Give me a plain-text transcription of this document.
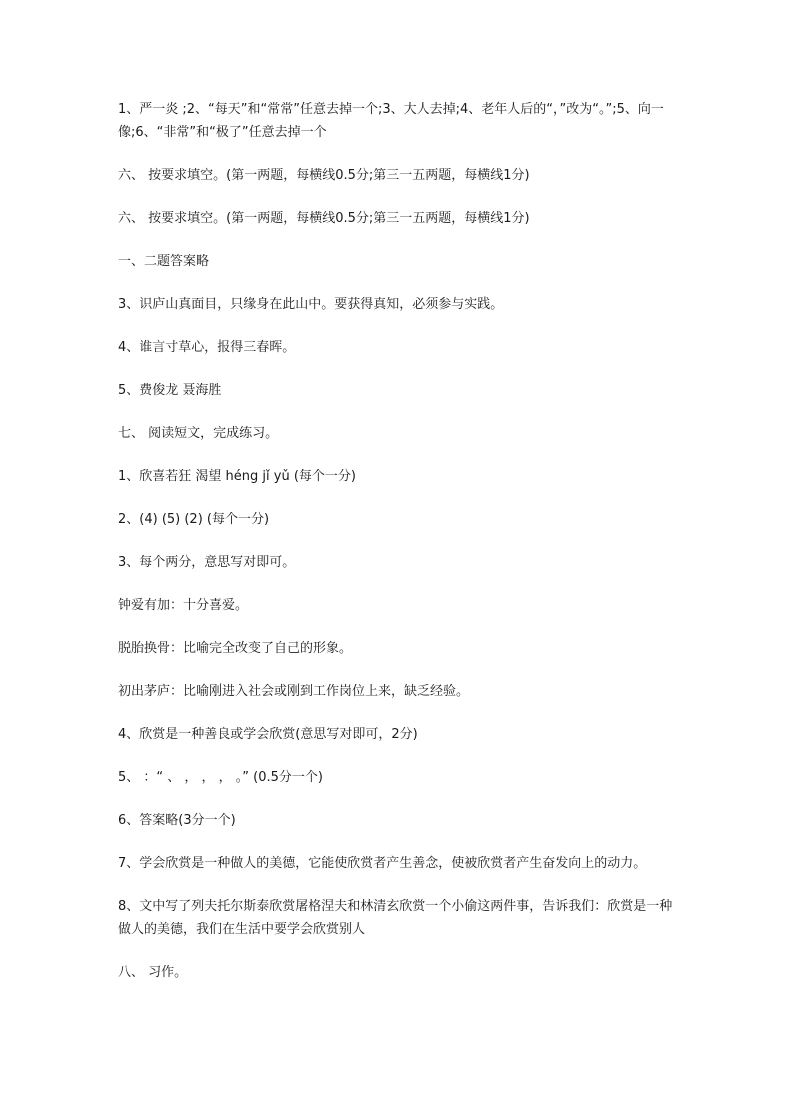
1、严一炎 ;2、“每天”和“常常”任意去掉一个;3、大人去掉;4、老年人后的“，”改为“。”;5、向一像;6、“非常”和“极了”任意去掉一个

六、 按要求填空。(第一两题，每横线0.5分;第三一五两题，每横线1分)

六、 按要求填空。(第一两题，每横线0.5分;第三一五两题，每横线1分)

一、二题答案略

3、识庐山真面目，只缘身在此山中。要获得真知，必须参与实践。

4、谁言寸草心，报得三春晖。

5、费俊龙 聂海胜

七、 阅读短文，完成练习。

1、欣喜若狂 渴望 héng jǐ yǔ (每个一分)

2、(4) (5) (2) (每个一分)

3、每个两分，意思写对即可。

钟爱有加：十分喜爱。

脱胎换骨：比喻完全改变了自己的形象。

初出茅庐：比喻刚进入社会或刚到工作岗位上来，缺乏经验。

4、欣赏是一种善良或学会欣赏(意思写对即可，2分)

5、 ：“ 、 ， ， ， 。” (0.5分一个)

6、答案略(3分一个)

7、学会欣赏是一种做人的美德，它能使欣赏者产生善念，使被欣赏者产生奋发向上的动力。

8、文中写了列夫托尔斯泰欣赏屠格涅夫和林清玄欣赏一个小偷这两件事，告诉我们：欣赏是一种做人的美德，我们在生活中要学会欣赏别人

八、 习作。
